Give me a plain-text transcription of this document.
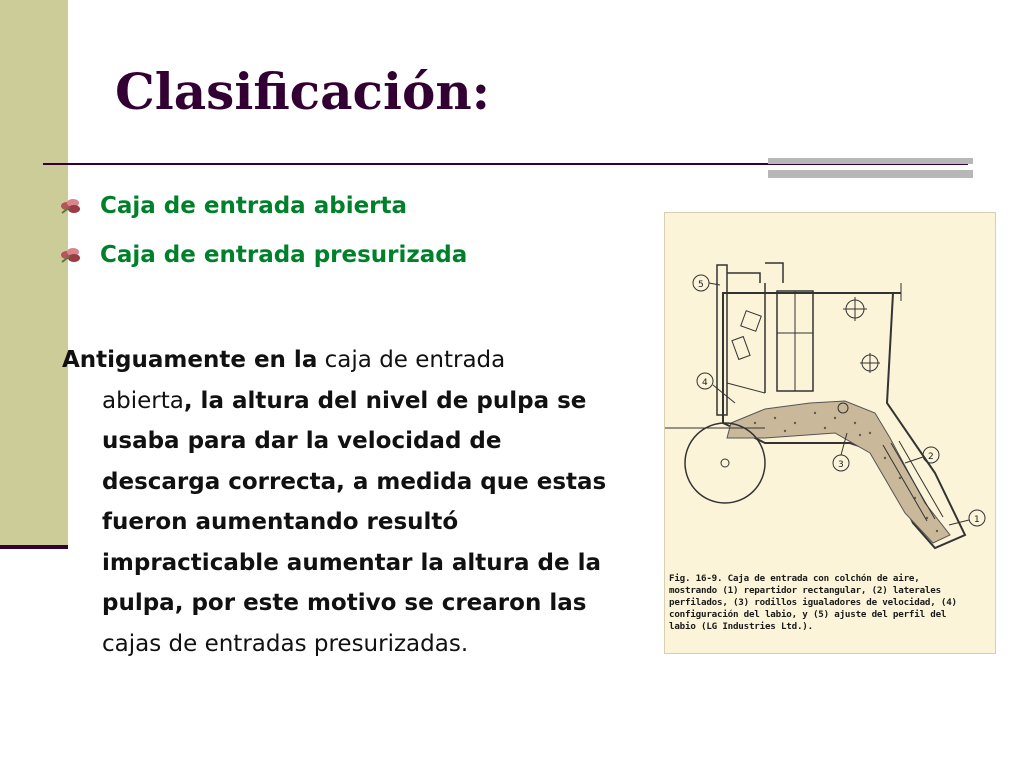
Clasificación:
Caja de entrada abierta
Caja de entrada presurizada
Antiguamente en la caja de entrada
abierta, la altura del nivel de pulpa se
usaba para dar la velocidad de
descarga correcta, a medida que estas
fueron aumentando resultó
impracticable aumentar la altura de la
pulpa, por este motivo se crearon las
cajas de entradas presurizadas.
5
4
3
2
1
Fig. 16-9. Caja de entrada con colchón de aire,
mostrando (1) repartidor rectangular, (2) laterales
perfilados, (3) rodillos igualadores de velocidad, (4)
configuración del labio, y (5) ajuste del perfil del
labio (LG Industries Ltd.).
